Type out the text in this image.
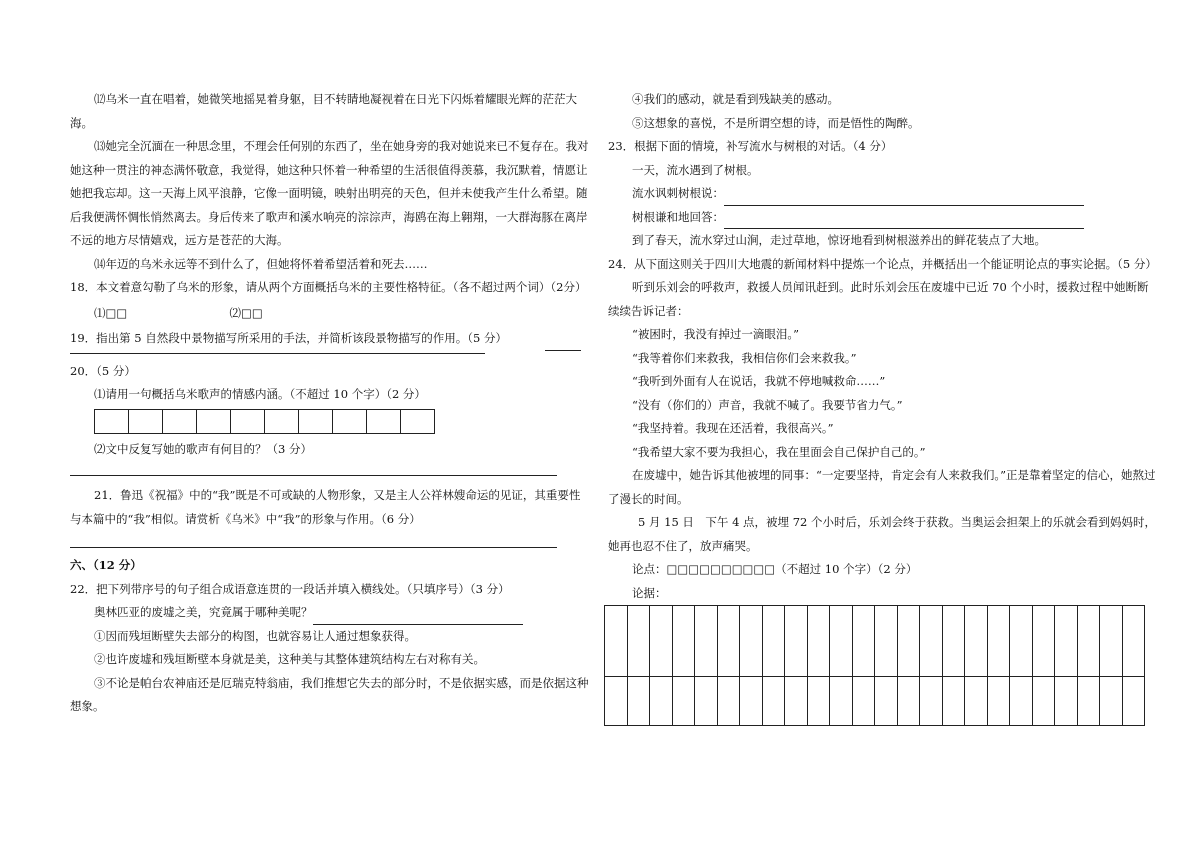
⑿乌米一直在唱着，她微笑地摇晃着身躯，目不转睛地凝视着在日光下闪烁着耀眼光辉的茫茫大海。

⒀她完全沉湎在一种思念里，不理会任何别的东西了，坐在她身旁的我对她说来已不复存在。我对她这种一贯注的神态满怀敬意，我觉得，她这种只怀着一种希望的生活很值得羡慕，我沉默着，情愿让她把我忘却。这一天海上风平浪静，它像一面明镜，映射出明亮的天色，但并未使我产生什么希望。随后我便满怀惆怅悄然离去。身后传来了歌声和溪水响亮的淙淙声，海鸥在海上翱翔，一大群海豚在离岸不远的地方尽情嬉戏，远方是苍茫的大海。

⒁年迈的乌米永远等不到什么了，但她将怀着希望活着和死去……

18．本文着意勾勒了乌米的形象，请从两个方面概括乌米的主要性格特征。（各不超过两个词）（2分）

⑴□□	⑵□□

19．指出第 5 自然段中景物描写所采用的手法，并简析该段景物描写的作用。（5 分）

20．（5 分）

⑴请用一句概括乌米歌声的情感内涵。（不超过 10 个字）（2 分）

⑵文中反复写她的歌声有何目的？（3 分）

21．鲁迅《祝福》中的“我”既是不可或缺的人物形象，又是主人公祥林嫂命运的见证，其重要性与本篇中的“我”相似。请赏析《乌米》中“我”的形象与作用。（6 分）

六、（12 分）

22．把下列带序号的句子组合成语意连贯的一段话并填入横线处。（只填序号）（3 分）

奥林匹亚的废墟之美，究竟属于哪种美呢？

①因而残垣断壁失去部分的构图，也就容易让人通过想象获得。

②也许废墟和残垣断壁本身就是美，这种美与其整体建筑结构左右对称有关。

③不论是帕台农神庙还是厄瑞克特翁庙，我们推想它失去的部分时，不是依据实感，而是依据这种想象。

④我们的感动，就是看到残缺美的感动。

⑤这想象的喜悦，不是所谓空想的诗，而是悟性的陶醉。

23．根据下面的情境，补写流水与树根的对话。（4 分）

一天，流水遇到了树根。

流水讽刺树根说：

树根谦和地回答：

到了春天，流水穿过山涧，走过草地，惊讶地看到树根滋养出的鲜花装点了大地。

24．从下面这则关于四川大地震的新闻材料中提炼一个论点，并概括出一个能证明论点的事实论据。（5 分）

听到乐刘会的呼救声，救援人员闻讯赶到。此时乐刘会压在废墟中已近 70 个小时，援救过程中她断断续续告诉记者：

“被困时，我没有掉过一滴眼泪。”

“我等着你们来救我，我相信你们会来救我。”

“我听到外面有人在说话，我就不停地喊救命……”

“没有（你们的）声音，我就不喊了。我要节省力气。”

“我坚持着。我现在还活着，我很高兴。”

“我希望大家不要为我担心，我在里面会自己保护自己的。”

在废墟中，她告诉其他被埋的同事：“一定要坚持，肯定会有人来救我们。”正是靠着坚定的信心，她熬过了漫长的时间。

5 月 15 日　下午 4 点，被埋 72 个小时后，乐刘会终于获救。当奥运会担架上的乐就会看到妈妈时，她再也忍不住了，放声痛哭。

论点：□□□□□□□□□□（不超过 10 个字）（2 分）

论据：
